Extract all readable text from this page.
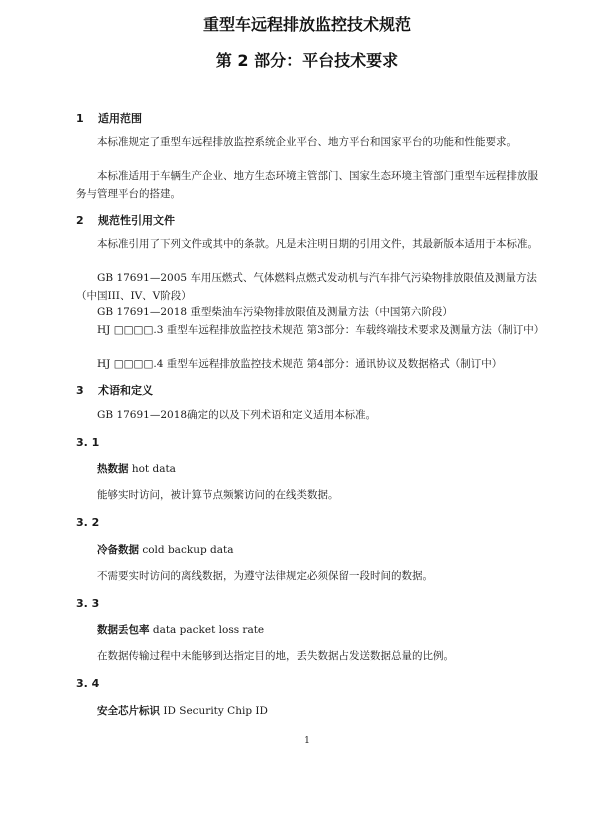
重型车远程排放监控技术规范
第 2 部分：平台技术要求
1 适用范围
本标准规定了重型车远程排放监控系统企业平台、地方平台和国家平台的功能和性能要求。
本标准适用于车辆生产企业、地方生态环境主管部门、国家生态环境主管部门重型车远程排放服务与管理平台的搭建。
2 规范性引用文件
本标准引用了下列文件或其中的条款。凡是未注明日期的引用文件，其最新版本适用于本标准。
GB 17691—2005 车用压燃式、气体燃料点燃式发动机与汽车排气污染物排放限值及测量方法（中国III、IV、V阶段）
GB 17691—2018 重型柴油车污染物排放限值及测量方法（中国第六阶段）
HJ □□□□.3 重型车远程排放监控技术规范 第3部分：车载终端技术要求及测量方法（制订中）
HJ □□□□.4 重型车远程排放监控技术规范 第4部分：通讯协议及数据格式（制订中）
3 术语和定义
GB 17691—2018确定的以及下列术语和定义适用本标准。
3. 1
热数据 hot data
能够实时访问，被计算节点频繁访问的在线类数据。
3. 2
冷备数据 cold backup data
不需要实时访问的离线数据，为遵守法律规定必须保留一段时间的数据。
3. 3
数据丢包率 data packet loss rate
在数据传输过程中未能够到达指定目的地，丢失数据占发送数据总量的比例。
3. 4
安全芯片标识 ID Security Chip ID
1
